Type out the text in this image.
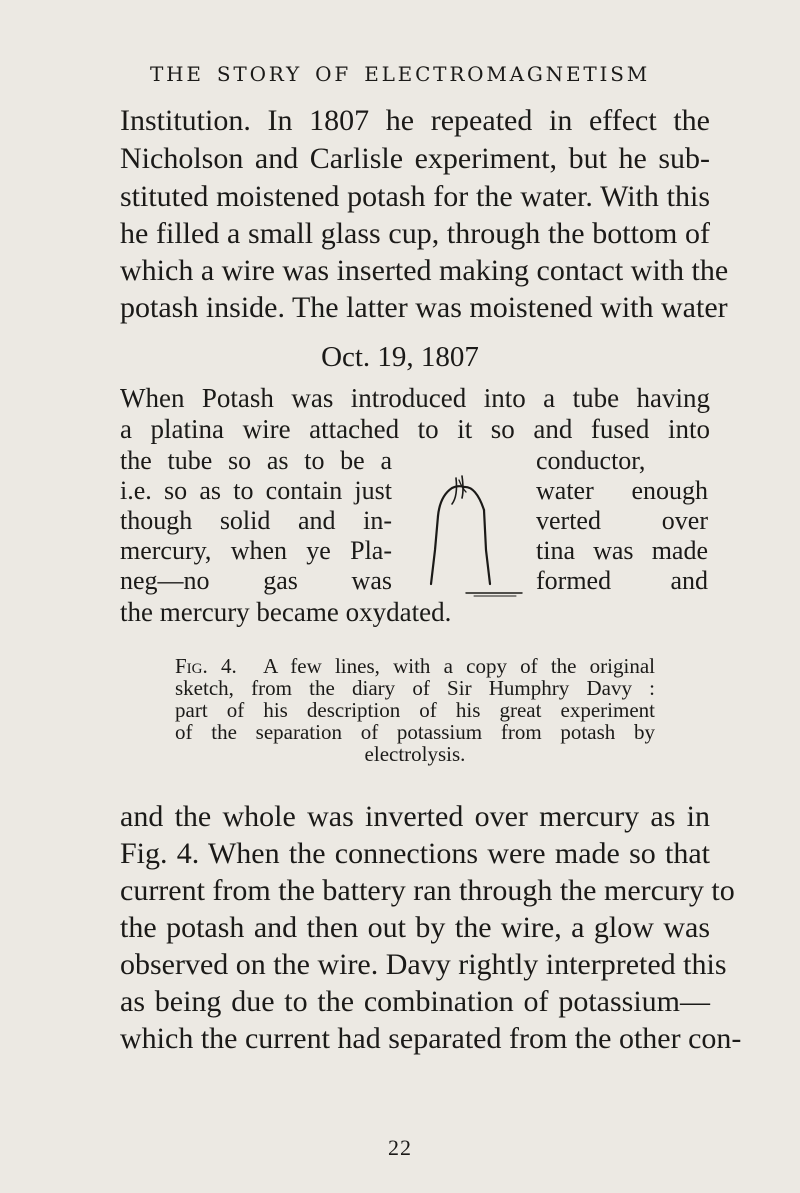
THE STORY OF ELECTROMAGNETISM
Institution. In 1807 he repeated in effect the
Nicholson and Carlisle experiment, but he sub-
stituted moistened potash for the water. With this
he filled a small glass cup, through the bottom of
which a wire was inserted making contact with the
potash inside. The latter was moistened with water
Oct. 19, 1807
When Potash was introduced into a tube having
a platina wire attached to it so and fused into
the tube so as to be a
i.e. so as to contain just
though solid and in-
mercury, when ye Pla-
neg—no gas was
conductor,
water enough
verted over
tina was made
formed and
the mercury became oxydated.
Fig. 4. A few lines, with a copy of the original
sketch, from the diary of Sir Humphry Davy :
part of his description of his great experiment
of the separation of potassium from potash by
electrolysis.
and the whole was inverted over mercury as in
Fig. 4. When the connections were made so that
current from the battery ran through the mercury to
the potash and then out by the wire, a glow was
observed on the wire. Davy rightly interpreted this
as being due to the combination of potassium—
which the current had separated from the other con-
22
